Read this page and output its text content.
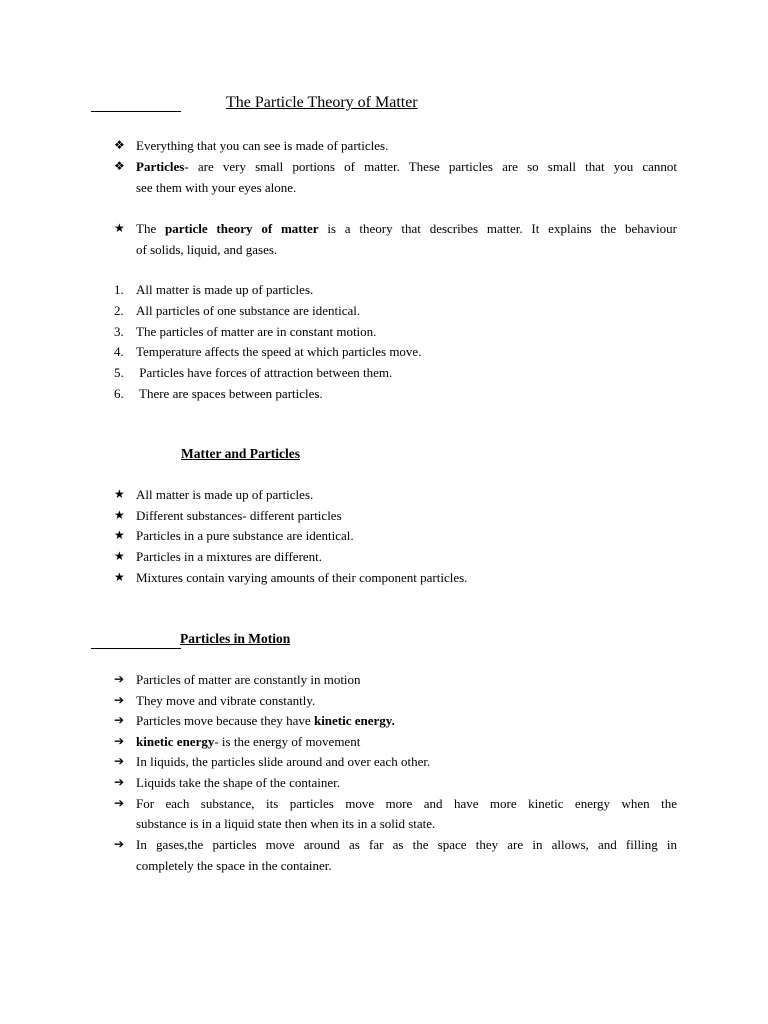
The Particle Theory of Matter
❖ Everything that you can see is made of particles.
❖ Particles- are very small portions of matter. These particles are so small that you cannot
see them with your eyes alone.
★ The particle theory of matter is a theory that describes matter. It explains the behaviour
of solids, liquid, and gases.
1. All matter is made up of particles.
2. All particles of one substance are identical.
3. The particles of matter are in constant motion.
4. Temperature affects the speed at which particles move.
5. Particles have forces of attraction between them.
6. There are spaces between particles.
Matter and Particles
★ All matter is made up of particles.
★ Different substances- different particles
★ Particles in a pure substance are identical.
★ Particles in a mixtures are different.
★ Mixtures contain varying amounts of their component particles.
Particles in Motion
➔ Particles of matter are constantly in motion
➔ They move and vibrate constantly.
➔ Particles move because they have kinetic energy.
➔ kinetic energy- is the energy of movement
➔ In liquids, the particles slide around and over each other.
➔ Liquids take the shape of the container.
➔ For each substance, its particles move more and have more kinetic energy when the
substance is in a liquid state then when its in a solid state.
➔ In gases,the particles move around as far as the space they are in allows, and filling in
completely the space in the container.
